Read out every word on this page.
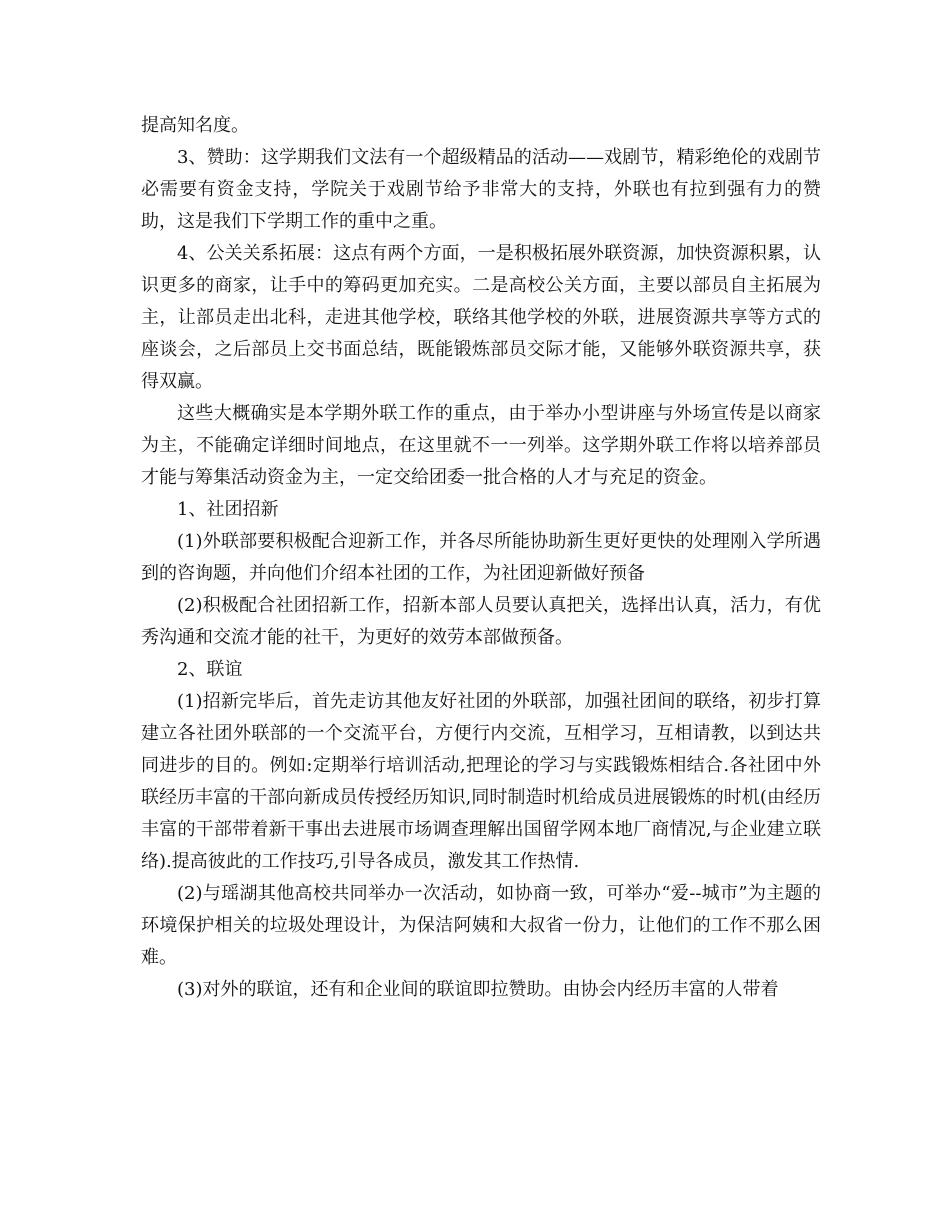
提高知名度。

3、赞助：这学期我们文法有一个超级精品的活动——戏剧节，精彩绝伦的戏剧节必需要有资金支持，学院关于戏剧节给予非常大的支持，外联也有拉到强有力的赞助，这是我们下学期工作的重中之重。

4、公关关系拓展：这点有两个方面，一是积极拓展外联资源，加快资源积累，认识更多的商家，让手中的筹码更加充实。二是高校公关方面，主要以部员自主拓展为主，让部员走出北科，走进其他学校，联络其他学校的外联，进展资源共享等方式的座谈会，之后部员上交书面总结，既能锻炼部员交际才能，又能够外联资源共享，获得双赢。

这些大概确实是本学期外联工作的重点，由于举办小型讲座与外场宣传是以商家为主，不能确定详细时间地点，在这里就不一一列举。这学期外联工作将以培养部员才能与筹集活动资金为主，一定交给团委一批合格的人才与充足的资金。

1、社团招新

(1)外联部要积极配合迎新工作，并各尽所能协助新生更好更快的处理刚入学所遇到的咨询题，并向他们介绍本社团的工作，为社团迎新做好预备

(2)积极配合社团招新工作，招新本部人员要认真把关，选择出认真，活力，有优秀沟通和交流才能的社干，为更好的效劳本部做预备。

2、联谊

(1)招新完毕后，首先走访其他友好社团的外联部，加强社团间的联络，初步打算建立各社团外联部的一个交流平台，方便行内交流，互相学习，互相请教，以到达共同进步的目的。例如:定期举行培训活动,把理论的学习与实践锻炼相结合.各社团中外联经历丰富的干部向新成员传授经历知识,同时制造时机给成员进展锻炼的时机(由经历丰富的干部带着新干事出去进展市场调查理解出国留学网本地厂商情况,与企业建立联络).提高彼此的工作技巧,引导各成员，激发其工作热情.

(2)与瑶湖其他高校共同举办一次活动，如协商一致，可举办“爱--城市”为主题的环境保护相关的垃圾处理设计，为保洁阿姨和大叔省一份力，让他们的工作不那么困难。

(3)对外的联谊，还有和企业间的联谊即拉赞助。由协会内经历丰富的人带着
